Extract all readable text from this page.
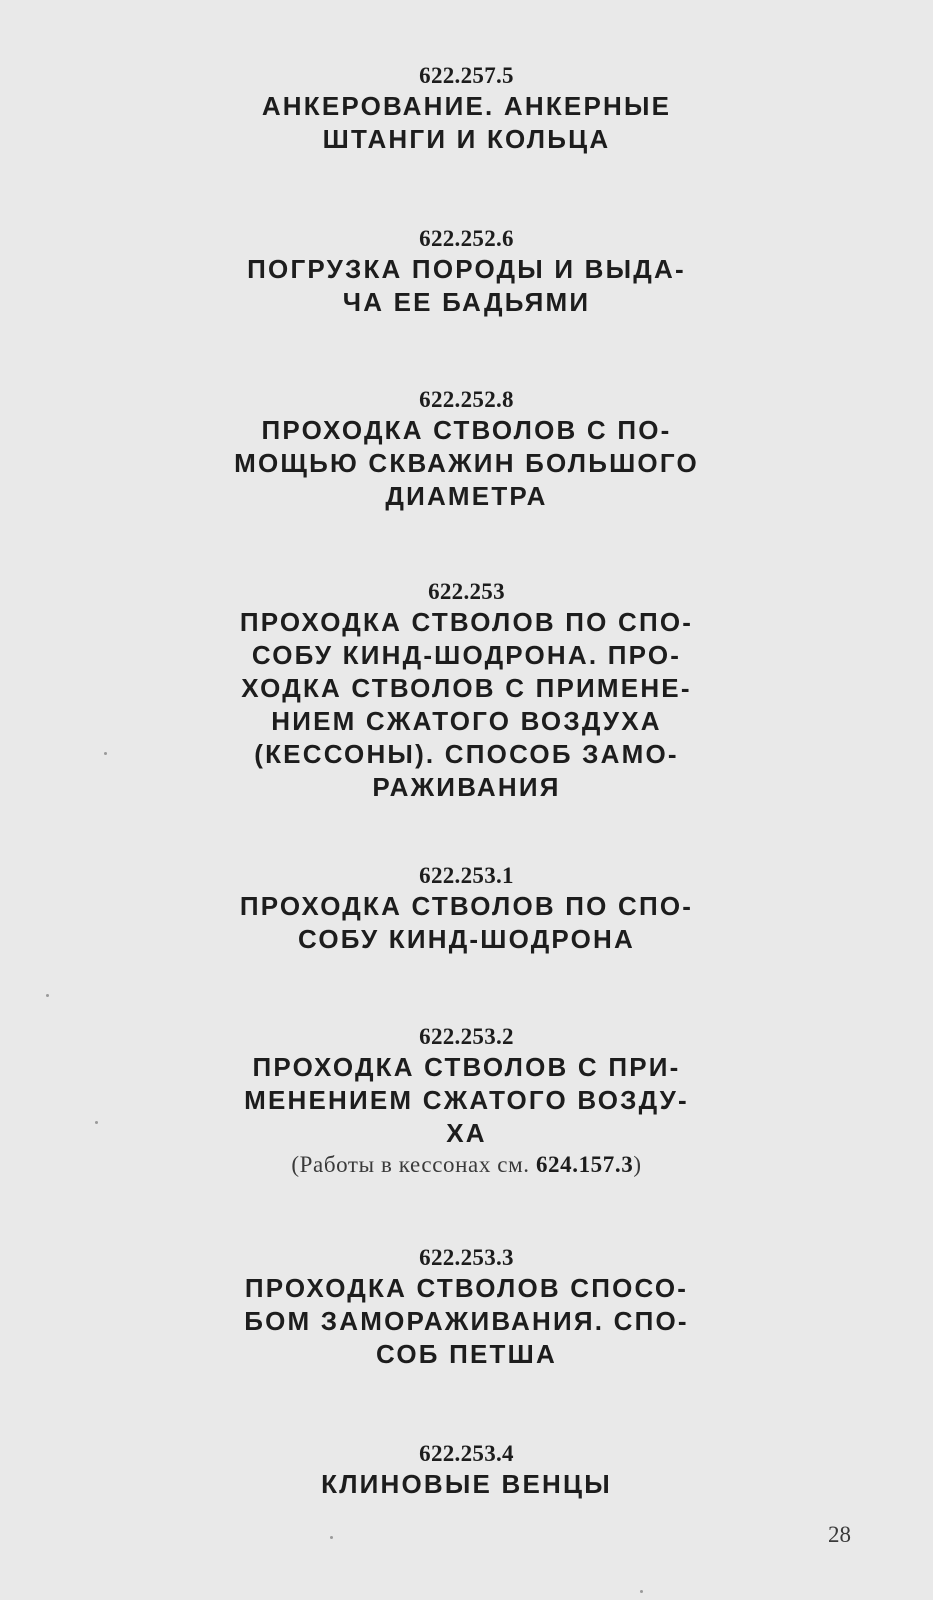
622.257.5
АНКЕРОВАНИЕ. АНКЕРНЫЕ
ШТАНГИ И КОЛЬЦА
622.252.6
ПОГРУЗКА ПОРОДЫ И ВЫДА-
ЧА ЕЕ БАДЬЯМИ
622.252.8
ПРОХОДКА СТВОЛОВ С ПО-
МОЩЬЮ СКВАЖИН БОЛЬШОГО
ДИАМЕТРА
622.253
ПРОХОДКА СТВОЛОВ ПО СПО-
СОБУ КИНД-ШОДРОНА. ПРО-
ХОДКА СТВОЛОВ С ПРИМЕНЕ-
НИЕМ СЖАТОГО ВОЗДУХА
(КЕССОНЫ). СПОСОБ ЗАМО-
РАЖИВАНИЯ
622.253.1
ПРОХОДКА СТВОЛОВ ПО СПО-
СОБУ КИНД-ШОДРОНА
622.253.2
ПРОХОДКА СТВОЛОВ С ПРИ-
МЕНЕНИЕМ СЖАТОГО ВОЗДУ-
ХА
(Работы в кессонах см. 624.157.3)
622.253.3
ПРОХОДКА СТВОЛОВ СПОСО-
БОМ ЗАМОРАЖИВАНИЯ. СПО-
СОБ ПЕТША
622.253.4
КЛИНОВЫЕ ВЕНЦЫ
28
